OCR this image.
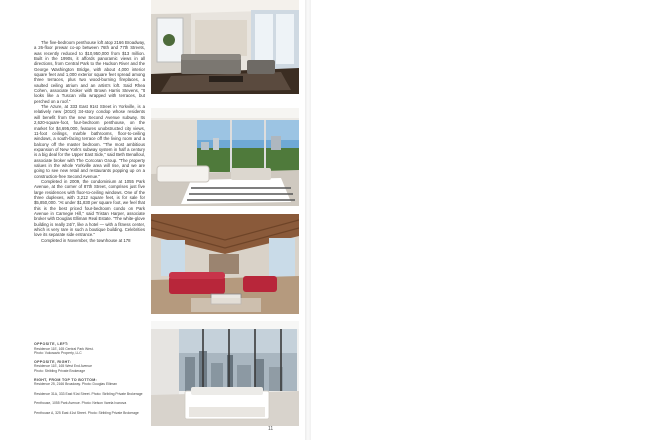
The five-bedroom penthouse loft atop 2166 Broadway, a 26-floor prewar co-op between 76th and 77th Streets, was recently reduced to $10,950,000 from $13 million. Built in the 1990s, it affords panoramic views in all directions, from Central Park to the Hudson River and the George Washington Bridge, with about 4,000 interior square feet and 1,000 exterior square feet spread among three terraces, plus two wood-burning fireplaces, a vaulted ceiling atrium and an artist's loft. Said Rhea Cohen, associate broker with Brown Harris Stevens, "It looks like a Tuscan villa wrapped with terraces, but perched on a roof."

The Azure, at 333 East 91st Street in Yorkville, is a relatively new (2010) 34-story condop whose residents will benefit from the new Second Avenue subway. Its 2,620-square-foot, four-bedroom penthouse, on the market for $4,695,000, features unobstructed city views, 11-foot ceilings, marble bathrooms, floor-to-ceiling windows, a south-facing terrace off the living room and a balcony off the master bedroom. "The most ambitious expansion of New York's subway system in half a century is a big deal for the Upper East Side," said Beth Benalloul, associate broker with The Corcoran Group. "The property values in the whole Yorkville area will rise, and we are going to see new retail and restaurants popping up on a construction-free Second Avenue."

Completed in 2009, the condominium at 1055 Park Avenue, at the corner of 87th Street, comprises just five large residences with floor-to-ceiling windows. One of the three duplexes, with 3,212 square feet, is for sale for $5,850,000. "At under $1,830 per square foot, we feel that this is the best priced four-bedroom condo on Park Avenue in Carnegie Hill," said Tristan Harper, associate broker with Douglas Elliman Real Estate. "The white-glove building is really 24/7, like a hotel — with a fitness center, which is very rare in such a boutique building. Celebrities love its separate side entrance."

Completed in November, the townhouse at 178

OPPOSITE, LEFT:
Residence 11E, 165 Central Park West.
Photo: Vukosavic Property, LLC
OPPOSITE, RIGHT:
Residence 11E, 165 West End Avenue
Photo: Stribling Private Brokerage
RIGHT, FROM TOP TO BOTTOM:
Residence 25, 2166 Broadway. Photo: Douglas Elliman
Residence 31A, 333 East 91st Street. Photo: Stribling Private Brokerage
Penthouse, 1055 Park Avenue. Photo: Nelson Varela Ivanova
Penthouse A, 325 East 41st Street. Photo: Stribling Private Brokerage
11
